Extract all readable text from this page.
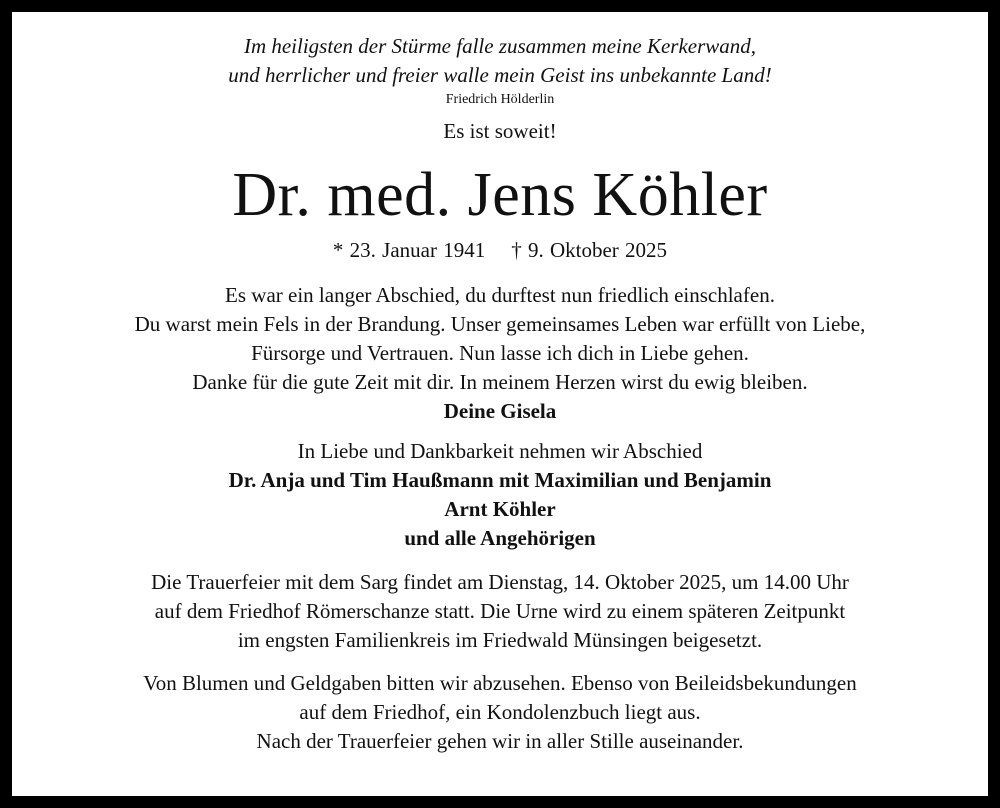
Im heiligsten der Stürme falle zusammen meine Kerkerwand,
und herrlicher und freier walle mein Geist ins unbekannte Land!
Friedrich Hölderlin
Es ist soweit!
Dr. med. Jens Köhler
* 23. Januar 1941 † 9. Oktober 2025
Es war ein langer Abschied, du durftest nun friedlich einschlafen.
Du warst mein Fels in der Brandung. Unser gemeinsames Leben war erfüllt von Liebe,
Fürsorge und Vertrauen. Nun lasse ich dich in Liebe gehen.
Danke für die gute Zeit mit dir. In meinem Herzen wirst du ewig bleiben.
Deine Gisela
In Liebe und Dankbarkeit nehmen wir Abschied
Dr. Anja und Tim Haußmann mit Maximilian und Benjamin
Arnt Köhler
und alle Angehörigen
Die Trauerfeier mit dem Sarg findet am Dienstag, 14. Oktober 2025, um 14.00 Uhr
auf dem Friedhof Römerschanze statt. Die Urne wird zu einem späteren Zeitpunkt
im engsten Familienkreis im Friedwald Münsingen beigesetzt.
Von Blumen und Geldgaben bitten wir abzusehen. Ebenso von Beileidsbekundungen
auf dem Friedhof, ein Kondolenzbuch liegt aus.
Nach der Trauerfeier gehen wir in aller Stille auseinander.
